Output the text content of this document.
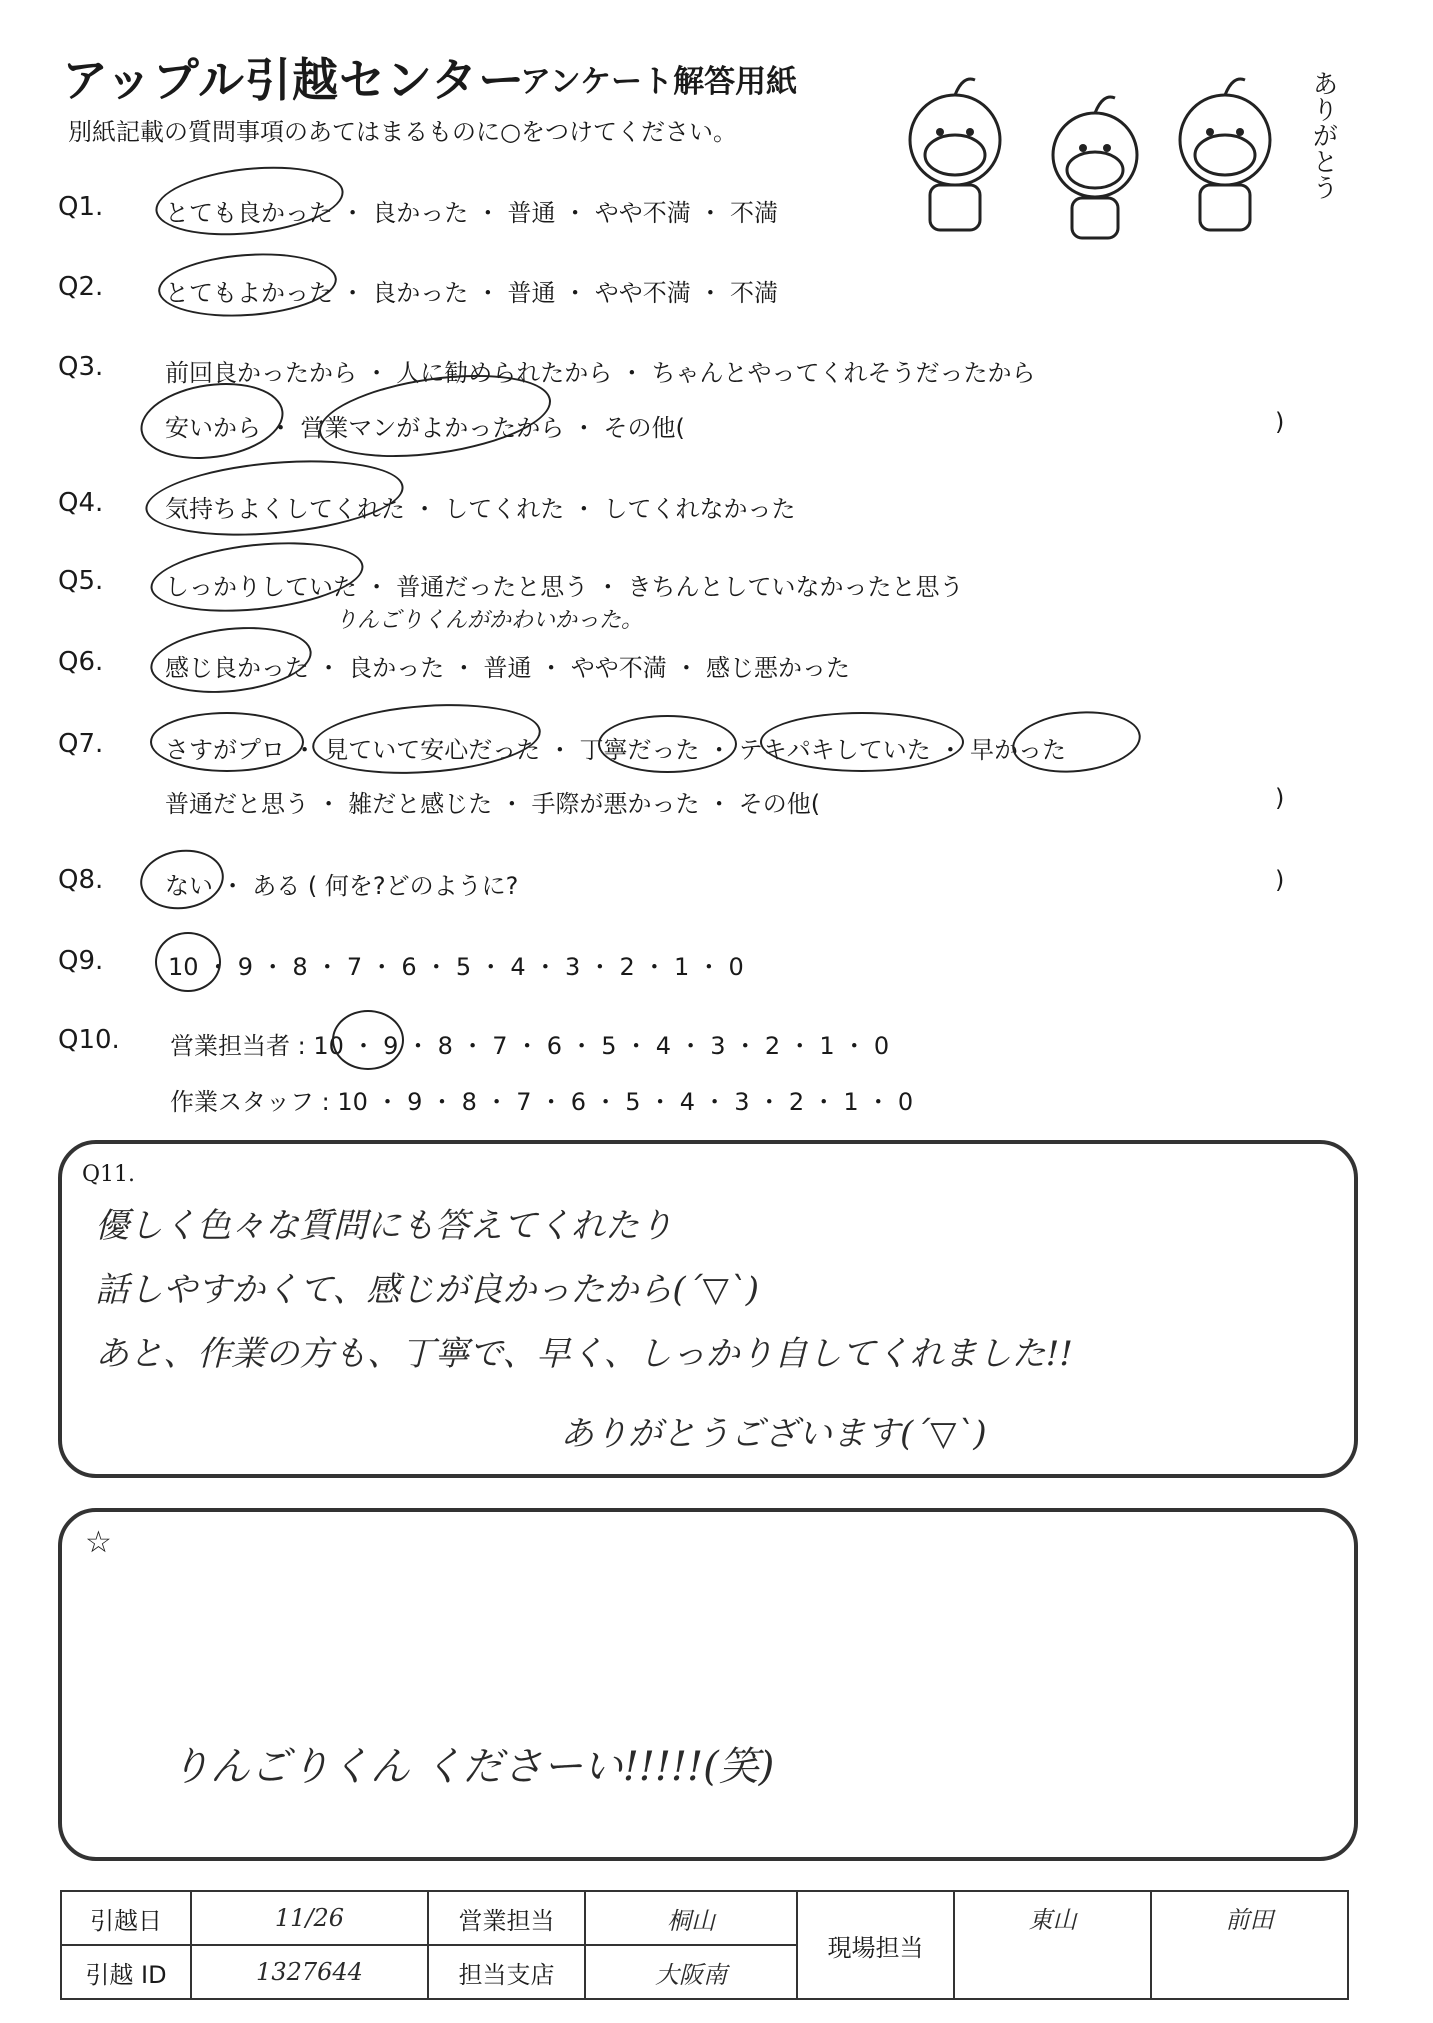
アップル引越センター
アンケート解答用紙
別紙記載の質問事項のあてはまるものに○をつけてください。	ありがとう
Q1.	とても良かった ・ 良かった ・ 普通 ・ やや不満 ・ 不満
Q2.	とてもよかった ・ 良かった ・ 普通 ・ やや不満 ・ 不満
Q3.	前回良かったから ・ 人に勧められたから ・ ちゃんとやってくれそうだったから
安いから ・ 営業マンがよかったから ・ その他(	)
Q4.	気持ちよくしてくれた ・ してくれた ・ してくれなかった
Q5.	しっかりしていた ・ 普通だったと思う ・ きちんとしていなかったと思う
りんごりくんがかわいかった。
Q6.	感じ良かった ・ 良かった ・ 普通 ・ やや不満 ・ 感じ悪かった
Q7.	さすがプロ ・ 見ていて安心だった ・ 丁寧だった ・ テキパキしていた ・ 早かった
普通だと思う ・ 雑だと感じた ・ 手際が悪かった ・ その他(	)
Q8.	ない ・ ある ( 何を?どのように?	)
Q9.	10 ・ 9 ・ 8 ・ 7 ・ 6 ・ 5 ・ 4 ・ 3 ・ 2 ・ 1 ・ 0
Q10. 営業担当者 : 10 ・ 9 ・ 8 ・ 7 ・ 6 ・ 5 ・ 4 ・ 3 ・ 2 ・ 1 ・ 0
作業スタッフ : 10 ・ 9 ・ 8 ・ 7 ・ 6 ・ 5 ・ 4 ・ 3 ・ 2 ・ 1 ・ 0
Q11.
優しく色々な質問にも答えてくれたり
話しやすかくて、感じが良かったから(´▽`)
あと、作業の方も、丁寧で、早く、しっかり自してくれました!!
ありがとうございます(´▽`)
☆
りんごりくん くださーい!!!!!(笑)
引越日	11/26	営業担当	桐山	現場担当	東山	前田
引越 ID	1327644	担当支店	大阪南			
